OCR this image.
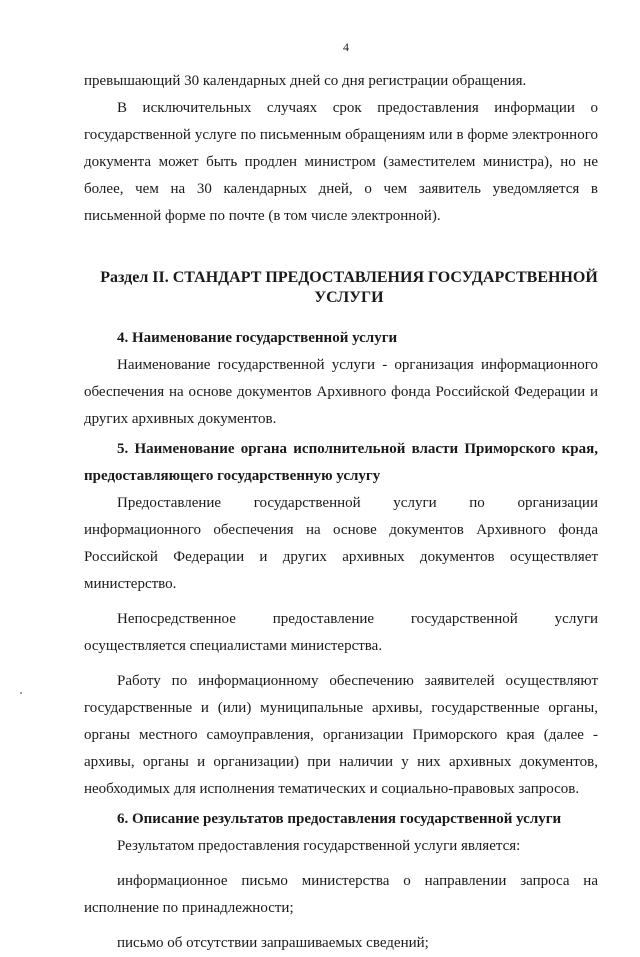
4

превышающий 30 календарных дней со дня регистрации обращения.

В исключительных случаях срок предоставления информации о государственной услуге по письменным обращениям или в форме электронного документа может быть продлен министром (заместителем министра), но не более, чем на 30 календарных дней, о чем заявитель уведомляется в письменной форме по почте (в том числе электронной).

Раздел II. СТАНДАРТ ПРЕДОСТАВЛЕНИЯ ГОСУДАРСТВЕННОЙ УСЛУГИ
4. Наименование государственной услуги

Наименование государственной услуги - организация информационного обеспечения на основе документов Архивного фонда Российской Федерации и других архивных документов.

5. Наименование органа исполнительной власти Приморского края, предоставляющего государственную услугу

Предоставление государственной услуги по организации информационного обеспечения на основе документов Архивного фонда Российской Федерации и других архивных документов осуществляет министерство.

Непосредственное предоставление государственной услуги осуществляется специалистами министерства.

Работу по информационному обеспечению заявителей осуществляют государственные и (или) муниципальные архивы, государственные органы, органы местного самоуправления, организации Приморского края (далее - архивы, органы и организации) при наличии у них архивных документов, необходимых для исполнения тематических и социально-правовых запросов.

6. Описание результатов предоставления государственной услуги

Результатом предоставления государственной услуги является:

информационное письмо министерства о направлении запроса на исполнение по принадлежности;

письмо об отсутствии запрашиваемых сведений;
